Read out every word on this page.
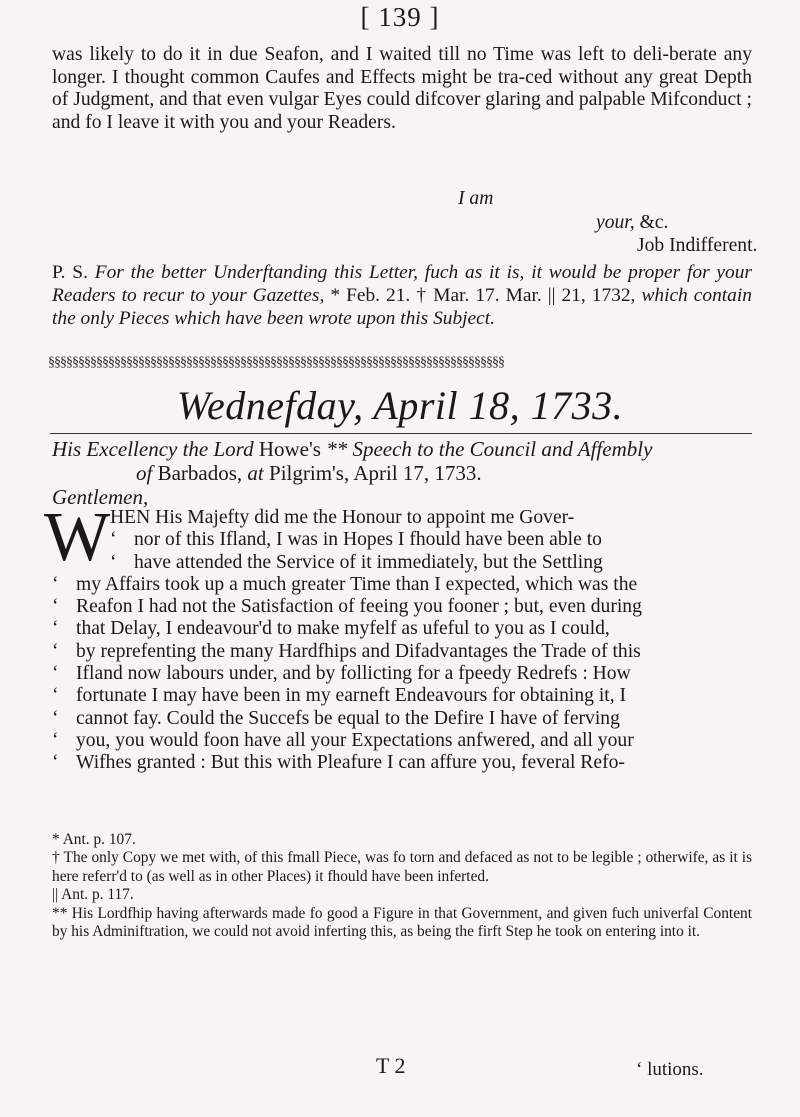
[ 139 ]

was likely to do it in due Seafon, and I waited till no Time was left to deli-berate any longer. I thought common Caufes and Effects might be tra-ced without any great Depth of Judgment, and that even vulgar Eyes could difcover glaring and palpable Mifconduct ; and fo I leave it with you and your Readers.

I am
your, &c.
Job Indifferent.
P. S. For the better Underftanding this Letter, fuch as it is, it would be proper for your Readers to recur to your Gazettes, * Feb. 21. † Mar. 17. Mar. || 21, 1732, which contain the only Pieces which have been wrote upon this Subject.
§§§§§§§§§§§§§§§§§§§§§§§§§§§§§§§§§§§§§§§§§§§§§§§§§§§§§§§§§§§§§§§§§§§§§§§§§§§§
Wednefday, April 18, 1733.
His Excellency the Lord Howe's ** Speech to the Council and Affembly
of Barbados, at Pilgrim's, April 17, 1733.
Gentlemen,
W HEN His Majefty did me the Honour to appoint me Gover-
‘ nor of this Ifland, I was in Hopes I fhould have been able to
‘ have attended the Service of it immediately, but the Settling
‘ my Affairs took up a much greater Time than I expected, which was the
‘ Reafon I had not the Satisfaction of feeing you fooner ; but, even during
‘ that Delay, I endeavour'd to make myfelf as ufeful to you as I could,
‘ by reprefenting the many Hardfhips and Difadvantages the Trade of this
‘ Ifland now labours under, and by follicting for a fpeedy Redrefs : How
‘ fortunate I may have been in my earneft Endeavours for obtaining it, I
‘ cannot fay. Could the Succefs be equal to the Defire I have of ferving
‘ you, you would foon have all your Expectations anfwered, and all your
‘ Wifhes granted : But this with Pleafure I can affure you, feveral Refo-

* Ant. p. 107.

† The only Copy we met with, of this fmall Piece, was fo torn and defaced as not to be legible ; otherwife, as it is here referr'd to (as well as in other Places) it fhould have been inferted.

|| Ant. p. 117.

** His Lordfhip having afterwards made fo good a Figure in that Government, and given fuch univerfal Content by his Adminiftration, we could not avoid inferting this, as being the firft Step he took on entering into it.

T 2	‘ lutions.
